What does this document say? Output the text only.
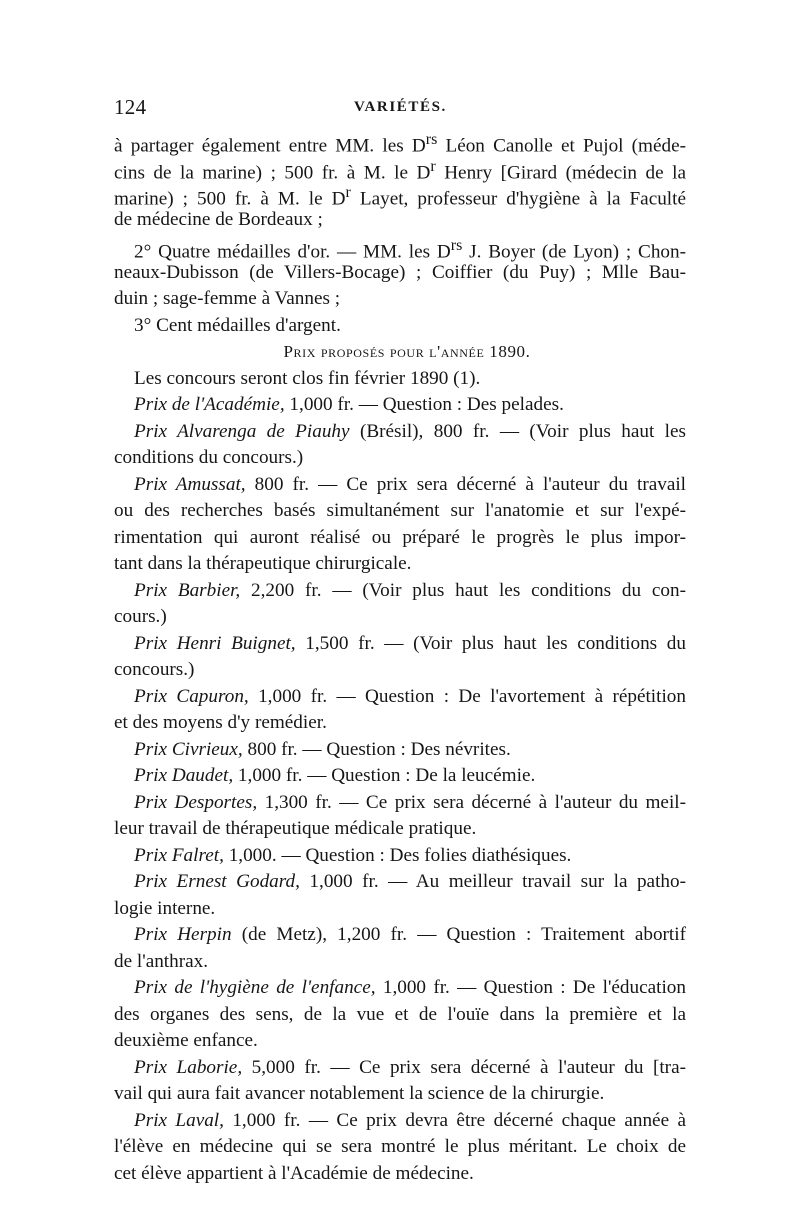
124	VARIÉTÉS.
à partager également entre MM. les $D^{rs}$ Léon Canolle et Pujol (méde-
cins de la marine) ; 500 fr. à M. le $D^r$ Henry [Girard (médecin de la
marine) ; 500 fr. à M. le $D^r$ Layet, professeur d'hygiène à la Faculté
de médecine de Bordeaux ;
2° Quatre médailles d'or. — MM. les $D^{rs}$ J. Boyer (de Lyon) ; Chon-
neaux-Dubisson (de Villers-Bocage) ; Coiffier (du Puy) ; Mlle Bau-
duin ; sage-femme à Vannes ;
3° Cent médailles d'argent.
Prix proposés pour l'année 1890.
Les concours seront clos fin février 1890 (1).
Prix de l'Académie, 1,000 fr. — Question : Des pelades.
Prix Alvarenga de Piauhy (Brésil), 800 fr. — (Voir plus haut les
conditions du concours.)
Prix Amussat, 800 fr. — Ce prix sera décerné à l'auteur du travail
ou des recherches basés simultanément sur l'anatomie et sur l'expé-
rimentation qui auront réalisé ou préparé le progrès le plus impor-
tant dans la thérapeutique chirurgicale.
Prix Barbier, 2,200 fr. — (Voir plus haut les conditions du con-
cours.)
Prix Henri Buignet, 1,500 fr. — (Voir plus haut les conditions du
concours.)
Prix Capuron, 1,000 fr. — Question : De l'avortement à répétition
et des moyens d'y remédier.
Prix Civrieux, 800 fr. — Question : Des névrites.
Prix Daudet, 1,000 fr. — Question : De la leucémie.
Prix Desportes, 1,300 fr. — Ce prix sera décerné à l'auteur du meil-
leur travail de thérapeutique médicale pratique.
Prix Falret, 1,000. — Question : Des folies diathésiques.
Prix Ernest Godard, 1,000 fr. — Au meilleur travail sur la patho-
logie interne.
Prix Herpin (de Metz), 1,200 fr. — Question : Traitement abortif
de l'anthrax.
Prix de l'hygiène de l'enfance, 1,000 fr. — Question : De l'éducation
des organes des sens, de la vue et de l'ouïe dans la première et la
deuxième enfance.
Prix Laborie, 5,000 fr. — Ce prix sera décerné à l'auteur du [tra-
vail qui aura fait avancer notablement la science de la chirurgie.
Prix Laval, 1,000 fr. — Ce prix devra être décerné chaque année à
l'élève en médecine qui se sera montré le plus méritant. Le choix de
cet élève appartient à l'Académie de médecine.
